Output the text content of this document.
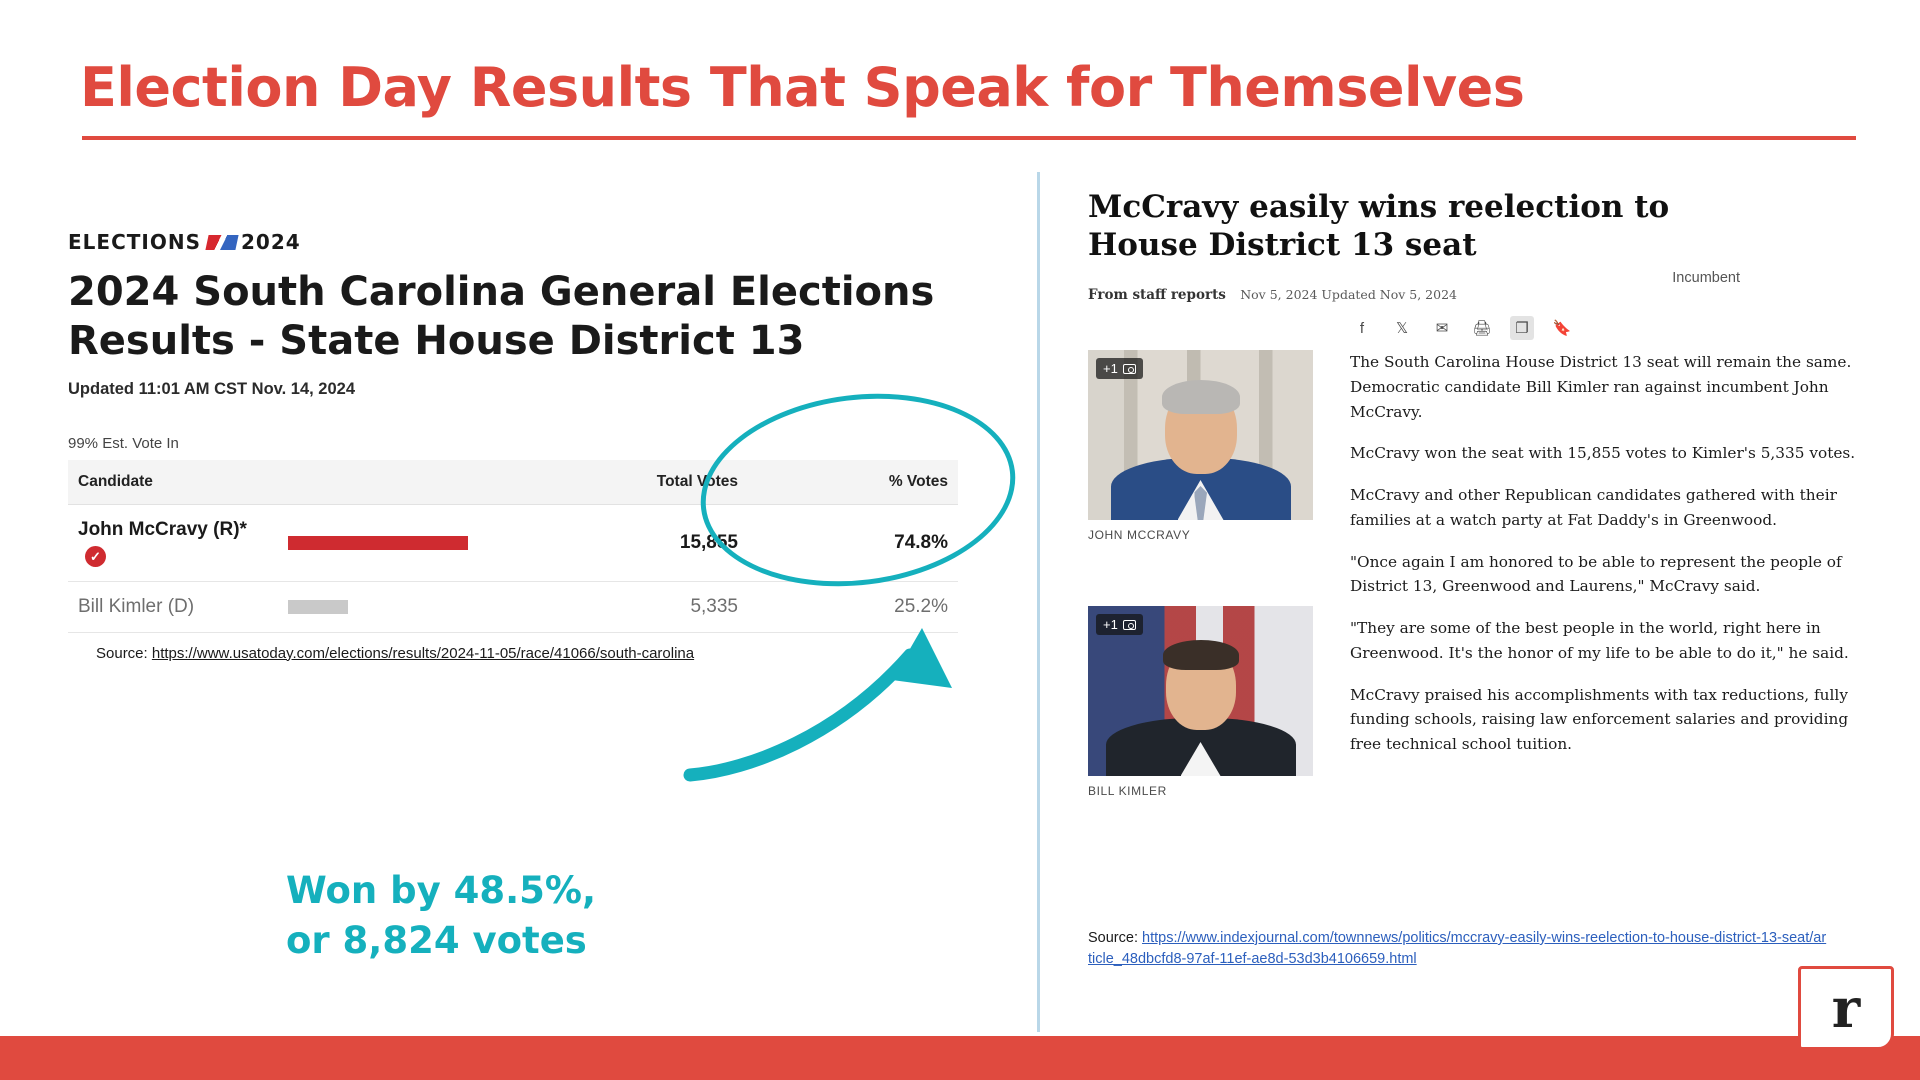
Election Day Results That Speak for Themselves
ELECTIONS 2024
2024 South Carolina General Elections Results - State House District 13
Updated 11:01 AM CST Nov. 14, 2024
99% Est. Vote In
Candidate		Total Votes	% Votes
John McCravy (R)*✓		15,855	74.8%
Bill Kimler (D)		5,335	25.2%
Source: https://www.usatoday.com/elections/results/2024-11-05/race/41066/south-carolina
Incumbent
Won by 48.5%,
or 8,824 votes
McCravy easily wins reelection to House District 13 seat
From staff reports Nov 5, 2024 Updated Nov 5, 2024
f	𝕏	✉	🖨	❐	🔖
+1
JOHN MCCRAVY
+1
BILL KIMLER

The South Carolina House District 13 seat will remain the same. Democratic candidate Bill Kimler ran against incumbent John McCravy.

McCravy won the seat with 15,855 votes to Kimler's 5,335 votes.

McCravy and other Republican candidates gathered with their families at a watch party at Fat Daddy's in Greenwood.

"Once again I am honored to be able to represent the people of District 13, Greenwood and Laurens," McCravy said.

"They are some of the best people in the world, right here in Greenwood. It's the honor of my life to be able to do it," he said.

McCravy praised his accomplishments with tax reductions, fully funding schools, raising law enforcement salaries and providing free technical school tuition.

Source: https://www.indexjournal.com/townnews/politics/mccravy-easily-wins-reelection-to-house-district-13-seat/article_48dbcfd8-97af-11ef-ae8d-53d3b4106659.html
r
